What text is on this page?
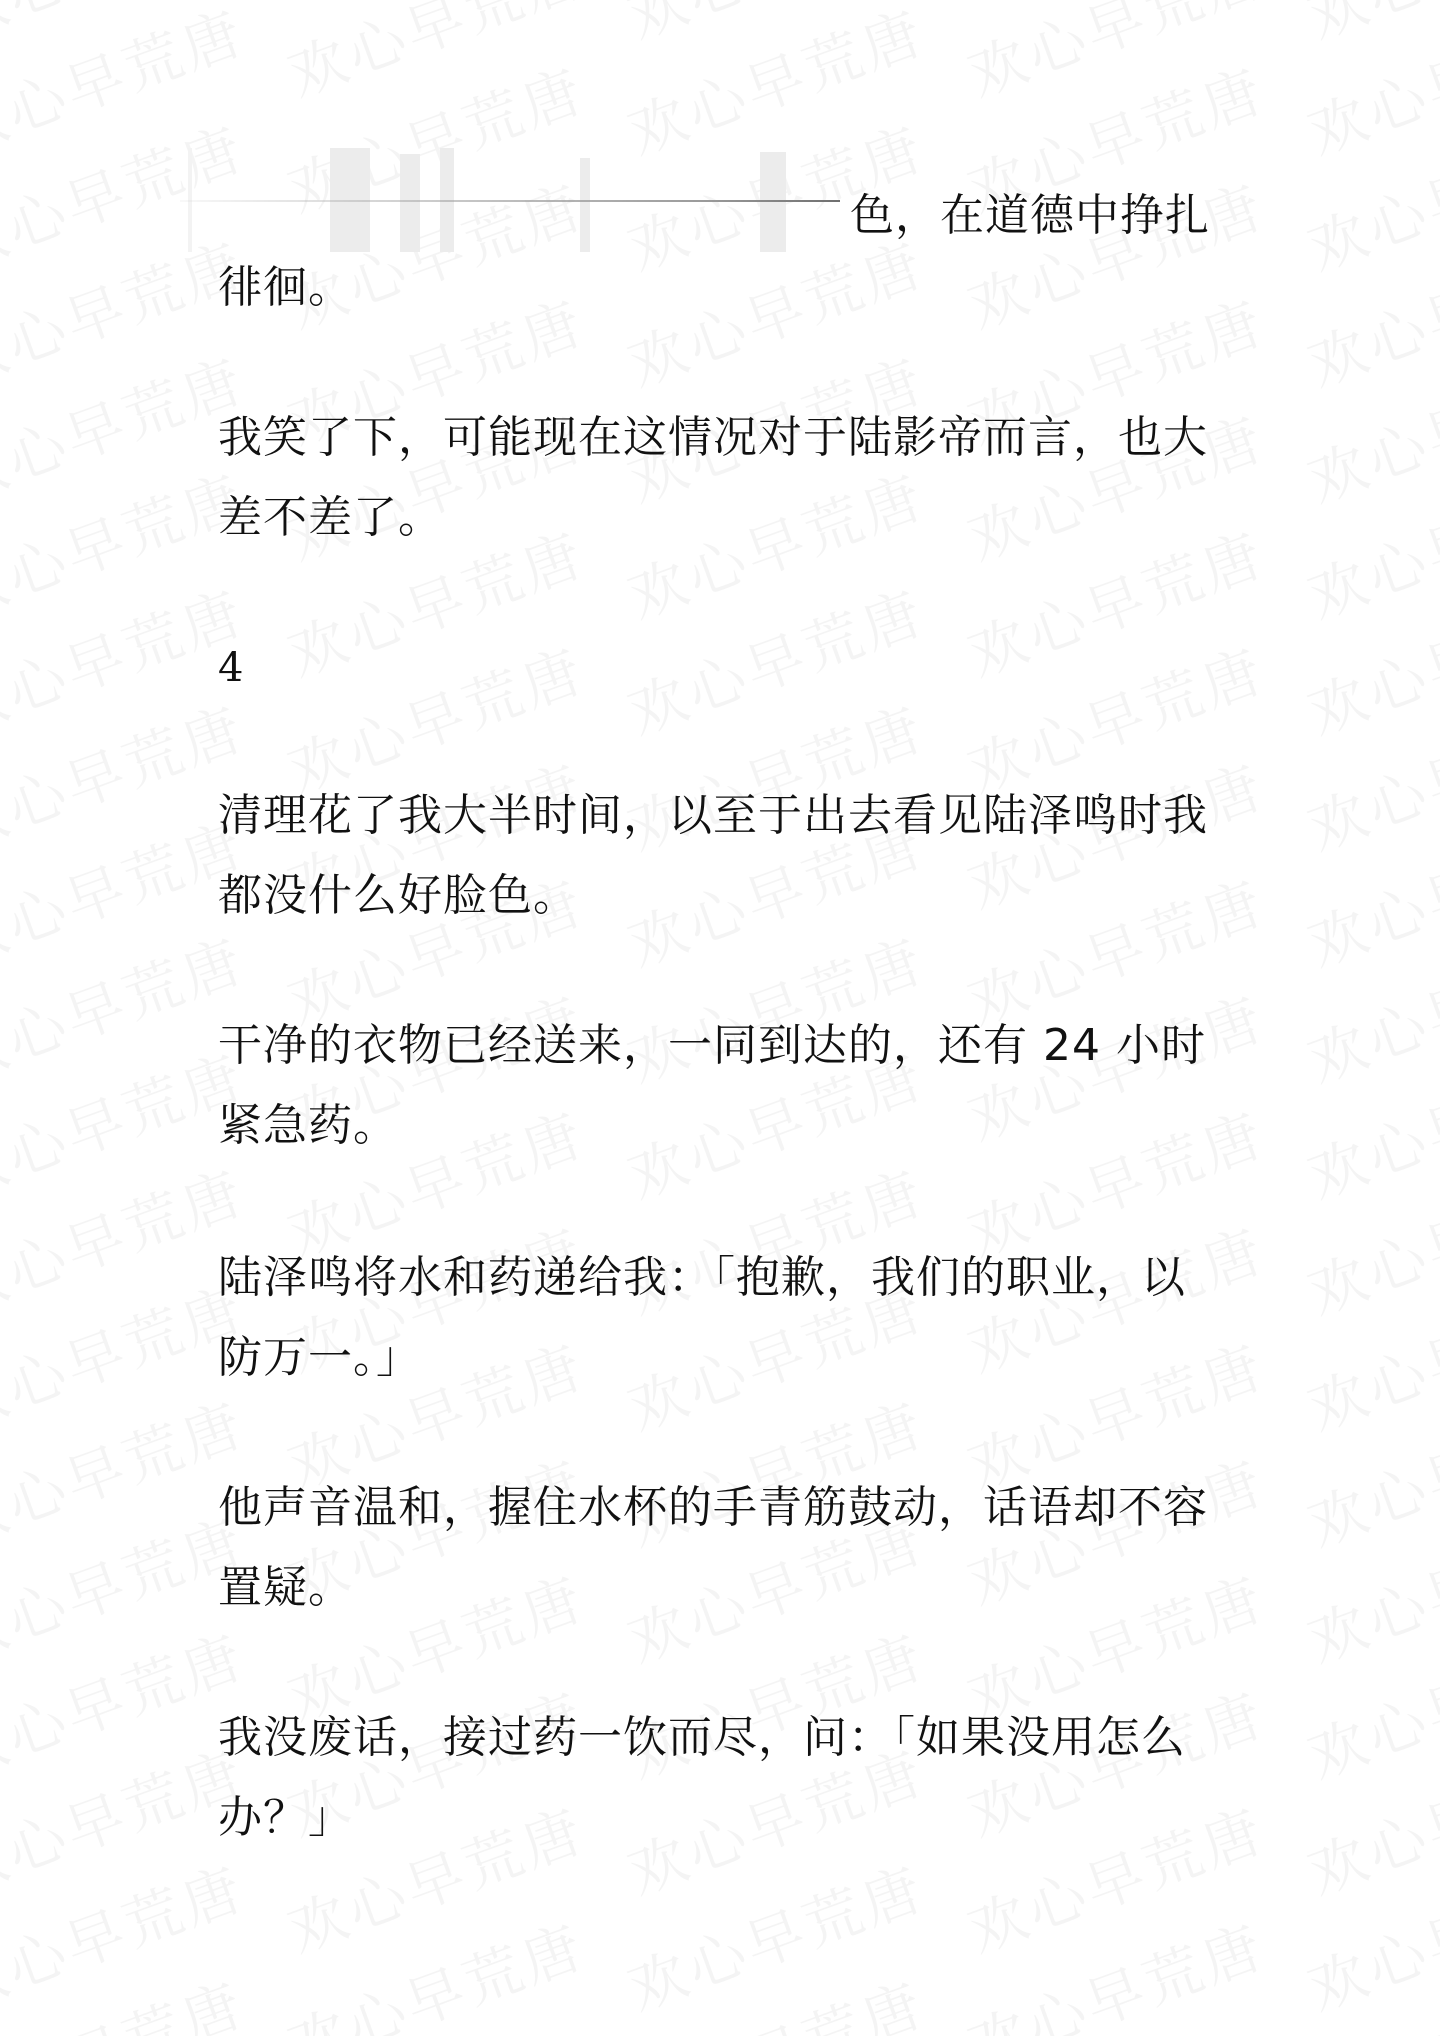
色，在道德中挣扎

徘徊。

我笑了下，可能现在这情况对于陆影帝而言，也大差不差了。

4

清理花了我大半时间，以至于出去看见陆泽鸣时我都没什么好脸色。

干净的衣物已经送来，一同到达的，还有 24 小时紧急药。

陆泽鸣将水和药递给我：「抱歉，我们的职业，以防万一。」

他声音温和，握住水杯的手青筋鼓动，话语却不容置疑。

我没废话，接过药一饮而尽，问：「如果没用怎么办？」
